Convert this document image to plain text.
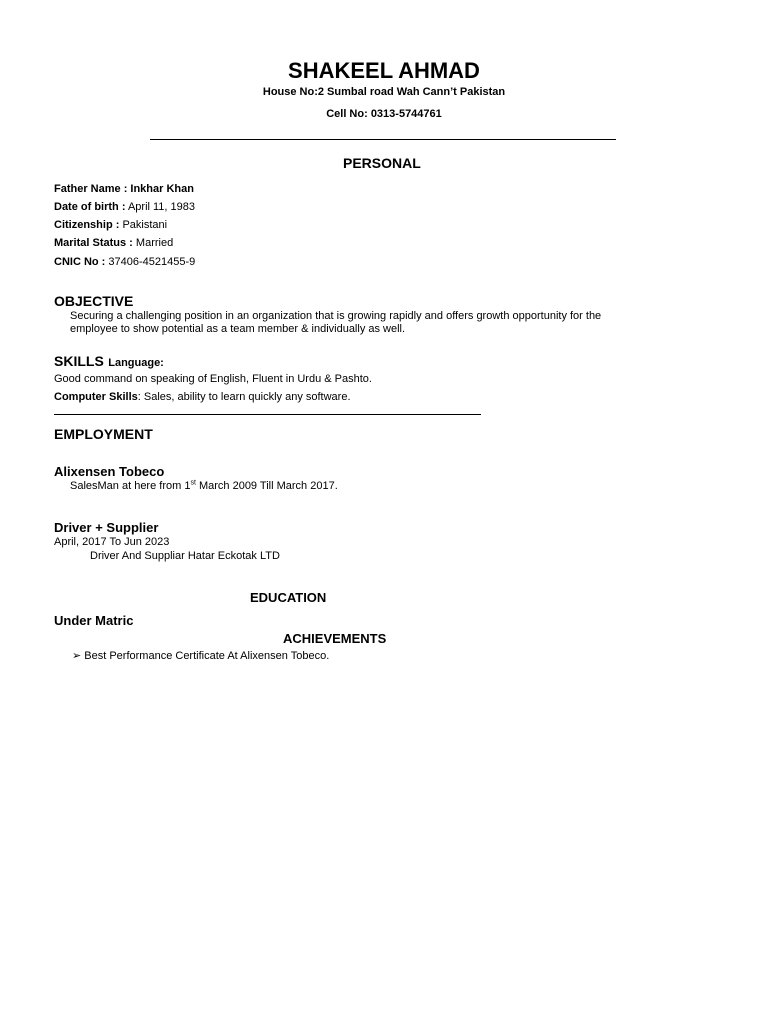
SHAKEEL AHMAD
House No:2 Sumbal road Wah Cann’t Pakistan
Cell No: 0313-5744761
PERSONAL
Father Name : Inkhar Khan
Date of birth : April 11, 1983
Citizenship : Pakistani
Marital Status : Married
CNIC No : 37406-4521455-9
OBJECTIVE
Securing a challenging position in an organization that is growing rapidly and offers growth opportunity for the employee to show potential as a team member & individually as well.
SKILLS Language:
Good command on speaking of English, Fluent in Urdu & Pashto.
Computer Skills: Sales, ability to learn quickly any software.
EMPLOYMENT
Alixensen Tobeco
SalesMan at here from 1st March 2009 Till March 2017.
Driver + Supplier
April, 2017 To Jun 2023
Driver And Suppliar Hatar Eckotak LTD
EDUCATION
Under Matric
ACHIEVEMENTS
➢ Best Performance Certificate At Alixensen Tobeco.
